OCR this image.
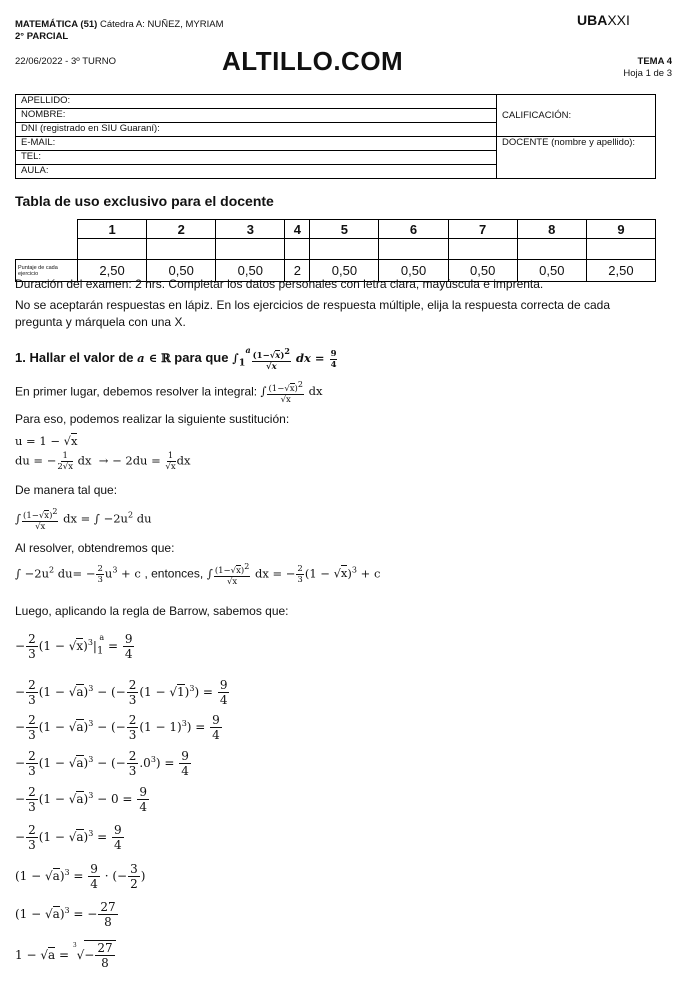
MATEMÁTICA (51) Cátedra A: NUÑEZ, MYRIAM
2° PARCIAL
22/06/2022 - 3º TURNO	ALTILLO.COM
UBAXXI
TEMA 4
Hoja 1 de 3
APELLIDO:	CALIFICACIÓN:
NOMBRE:	
DNI (registrado en SIU Guaraní):	
E-MAIL:	DOCENTE (nombre y apellido):
TEL:	
AULA:	
Tabla de uso exclusivo para el docente
	1	2	3	4	5	6	7	8	9

Puntaje de cada ejercicio	2,50	0,50	0,50	2	0,50	0,50	0,50	0,50	2,50
Duración del examen: 2 hrs. Completar los datos personales con letra clara, mayúscula e imprenta.
No se aceptarán respuestas en lápiz. En los ejercicios de respuesta múltiple, elija la respuesta correcta de cada pregunta y márquela con una X.
1. Hallar el valor de a ∈ ℝ para que $\int_1^a \frac{(1-√x)^2}{√x}$ dx = $\frac{9}{4}$
En primer lugar, debemos resolver la integral: ∫ $\frac{(1-√x)^2}{√x}$ dx
Para eso, podemos realizar la siguiente sustitución:
u = 1 − √x
du = − $\frac{1}{2√x}$ dx  → − $2du = \frac{1}{√x}$ dx
De manera tal que:
∫ $\frac{(1-√x)^2}{√x}$ dx = ∫ $-2u^2$ du
Al resolver, obtendremos que:
∫ $-2u^2$ $du= - \frac{2}{3} u^3 + c$ , entonces, ∫ $\frac{(1-√x)^2}{√x}$ dx = − $\frac{2}{3} (1 - √x)^3 + c$
Luego, aplicando la regla de Barrow, sabemos que:
− $\frac{2}{3} (1 - √x)^3|_1^a = \frac{9}{4}$
− $\frac{2}{3} (1 - √a)^3$ − (− $\frac{2}{3} (1 - √1)^3) = \frac{9}{4}$
− $\frac{2}{3} (1 - √a)^3$ − (− $\frac{2}{3} (1 - 1)^3) = \frac{9}{4}$
− $\frac{2}{3} (1 - √a)^3$ − (− $\frac{2}{3} .0^3) = \frac{9}{4}$
− $\frac{2}{3} (1 - √a)^3 - 0 = \frac{9}{4}$
− $\frac{2}{3} (1 - √a)^3 = \frac{9}{4}$
$(1 - √a)^3 = \frac{9}{4}$ · (− $\frac{3}{2}$ )
$(1 - √a)^3$ = − $\frac{27}{8}$
$1 - √a = ^3√- \frac{27}{8}$
